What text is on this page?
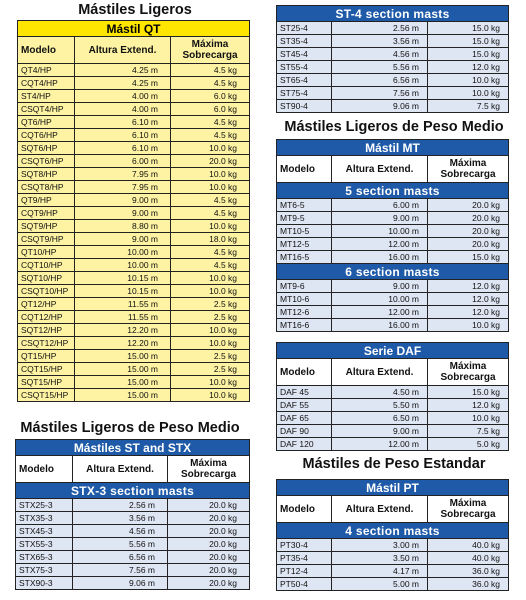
Mástiles Ligeros
Mástiles Ligeros de Peso Medio
Mástiles Ligeros de Peso Medio
Mástiles de Peso Estandar
Mástil QT		
Modelo	Altura Extend.	Máxima Sobrecarga
QT4/HP	4.25 m	4.5 kg
CQT4/HP	4.25 m	4.5 kg
ST4/HP	4.00 m	6.0 kg
CSQT4/HP	4.00 m	6.0 kg
QT6/HP	6.10 m	4.5 kg
CQT6/HP	6.10 m	4.5 kg
SQT6/HP	6.10 m	10.0 kg
CSQT6/HP	6.00 m	20.0 kg
SQT8/HP	7.95 m	10.0 kg
CSQT8/HP	7.95 m	10.0 kg
QT9/HP	9.00 m	4.5 kg
CQT9/HP	9.00 m	4.5 kg
SQT9/HP	8.80 m	10.0 kg
CSQT9/HP	9.00 m	18.0 kg
QT10/HP	10.00 m	4.5 kg
CQT10/HP	10.00 m	4.5 kg
SQT10/HP	10.15 m	10.0 kg
CSQT10/HP	10.15 m	10.0 kg
QT12/HP	11.55 m	2.5 kg
CQT12/HP	11.55 m	2.5 kg
SQT12/HP	12.20 m	10.0 kg
CSQT12/HP	12.20 m	10.0 kg
QT15/HP	15.00 m	2.5 kg
CQT15/HP	15.00 m	2.5 kg
SQT15/HP	15.00 m	10.0 kg
CSQT15/HP	15.00 m	10.0 kg
ST-4 section masts		
ST25-4	2.56 m	15.0 kg
ST35-4	3.56 m	15.0 kg
ST45-4	4.56 m	15.0 kg
ST55-4	5.56 m	12.0 kg
ST65-4	6.56 m	10.0 kg
ST75-4	7.56 m	10.0 kg
ST90-4	9.06 m	7.5 kg
Mástil MT		
Modelo	Altura Extend.	Máxima Sobrecarga
5 section masts		
MT6-5	6.00 m	20.0 kg
MT9-5	9.00 m	20.0 kg
MT10-5	10.00 m	20.0 kg
MT12-5	12.00 m	20.0 kg
MT16-5	16.00 m	15.0 kg
6 section masts		
MT9-6	9.00 m	12.0 kg
MT10-6	10.00 m	12.0 kg
MT12-6	12.00 m	12.0 kg
MT16-6	16.00 m	10.0 kg
Serie DAF		
Modelo	Altura Extend.	Máxima Sobrecarga
DAF 45	4.50 m	15.0 kg
DAF 55	5.50 m	12.0 kg
DAF 65	6.50 m	10.0 kg
DAF 90	9.00 m	7.5 kg
DAF 120	12.00 m	5.0 kg
Mástiles ST and STX		
Modelo	Altura Extend.	Máxima Sobrecarga
STX-3 section masts		
STX25-3	2.56 m	20.0 kg
STX35-3	3.56 m	20.0 kg
STX45-3	4.56 m	20.0 kg
STX55-3	5.56 m	20.0 kg
STX65-3	6.56 m	20.0 kg
STX75-3	7.56 m	20.0 kg
STX90-3	9.06 m	20.0 kg
Mástil PT		
Modelo	Altura Extend.	Máxima Sobrecarga
4 section masts		
PT30-4	3.00 m	40.0 kg
PT35-4	3.50 m	40.0 kg
PT12-4	4.17 m	36.0 kg
PT50-4	5.00 m	36.0 kg
